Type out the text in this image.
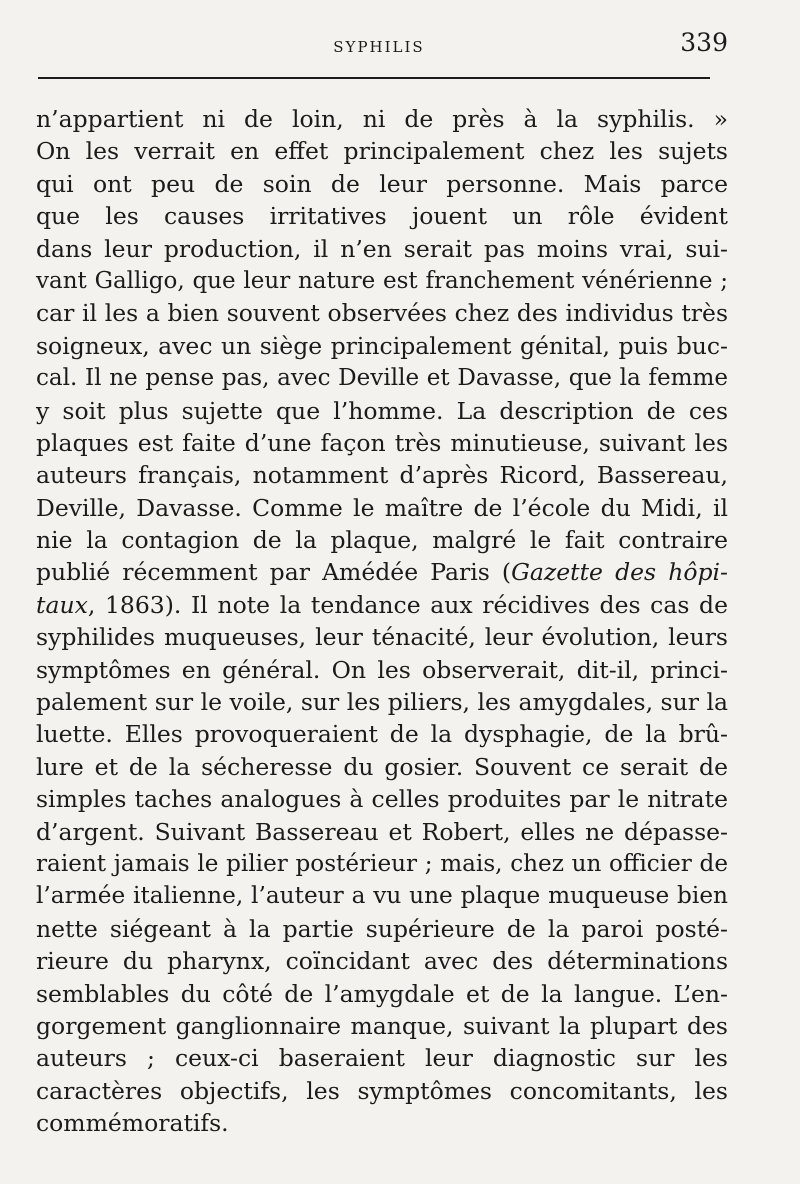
SYPHILIS	339
n’appartient ni de loin, ni de près à la syphilis. »
On les verrait en effet principalement chez les sujets
qui ont peu de soin de leur personne. Mais parce
que les causes irritatives jouent un rôle évident
dans leur production, il n’en serait pas moins vrai, sui-
vant Galligo, que leur nature est franchement vénérienne ;
car il les a bien souvent observées chez des individus très
soigneux, avec un siège principalement génital, puis buc-
cal. Il ne pense pas, avec Deville et Davasse, que la femme
y soit plus sujette que l’homme. La description de ces
plaques est faite d’une façon très minutieuse, suivant les
auteurs français, notamment d’après Ricord, Bassereau,
Deville, Davasse. Comme le maître de l’école du Midi, il
nie la contagion de la plaque, malgré le fait contraire
publié récemment par Amédée Paris (Gazette des hôpi-
taux, 1863). Il note la tendance aux récidives des cas de
syphilides muqueuses, leur ténacité, leur évolution, leurs
symptômes en général. On les observerait, dit-il, princi-
palement sur le voile, sur les piliers, les amygdales, sur la
luette. Elles provoqueraient de la dysphagie, de la brû-
lure et de la sécheresse du gosier. Souvent ce serait de
simples taches analogues à celles produites par le nitrate
d’argent. Suivant Bassereau et Robert, elles ne dépasse-
raient jamais le pilier postérieur ; mais, chez un officier de
l’armée italienne, l’auteur a vu une plaque muqueuse bien
nette siégeant à la partie supérieure de la paroi posté-
rieure du pharynx, coïncidant avec des déterminations
semblables du côté de l’amygdale et de la langue. L’en-
gorgement ganglionnaire manque, suivant la plupart des
auteurs ; ceux-ci baseraient leur diagnostic sur les
caractères objectifs, les symptômes concomitants, les
commémoratifs.
